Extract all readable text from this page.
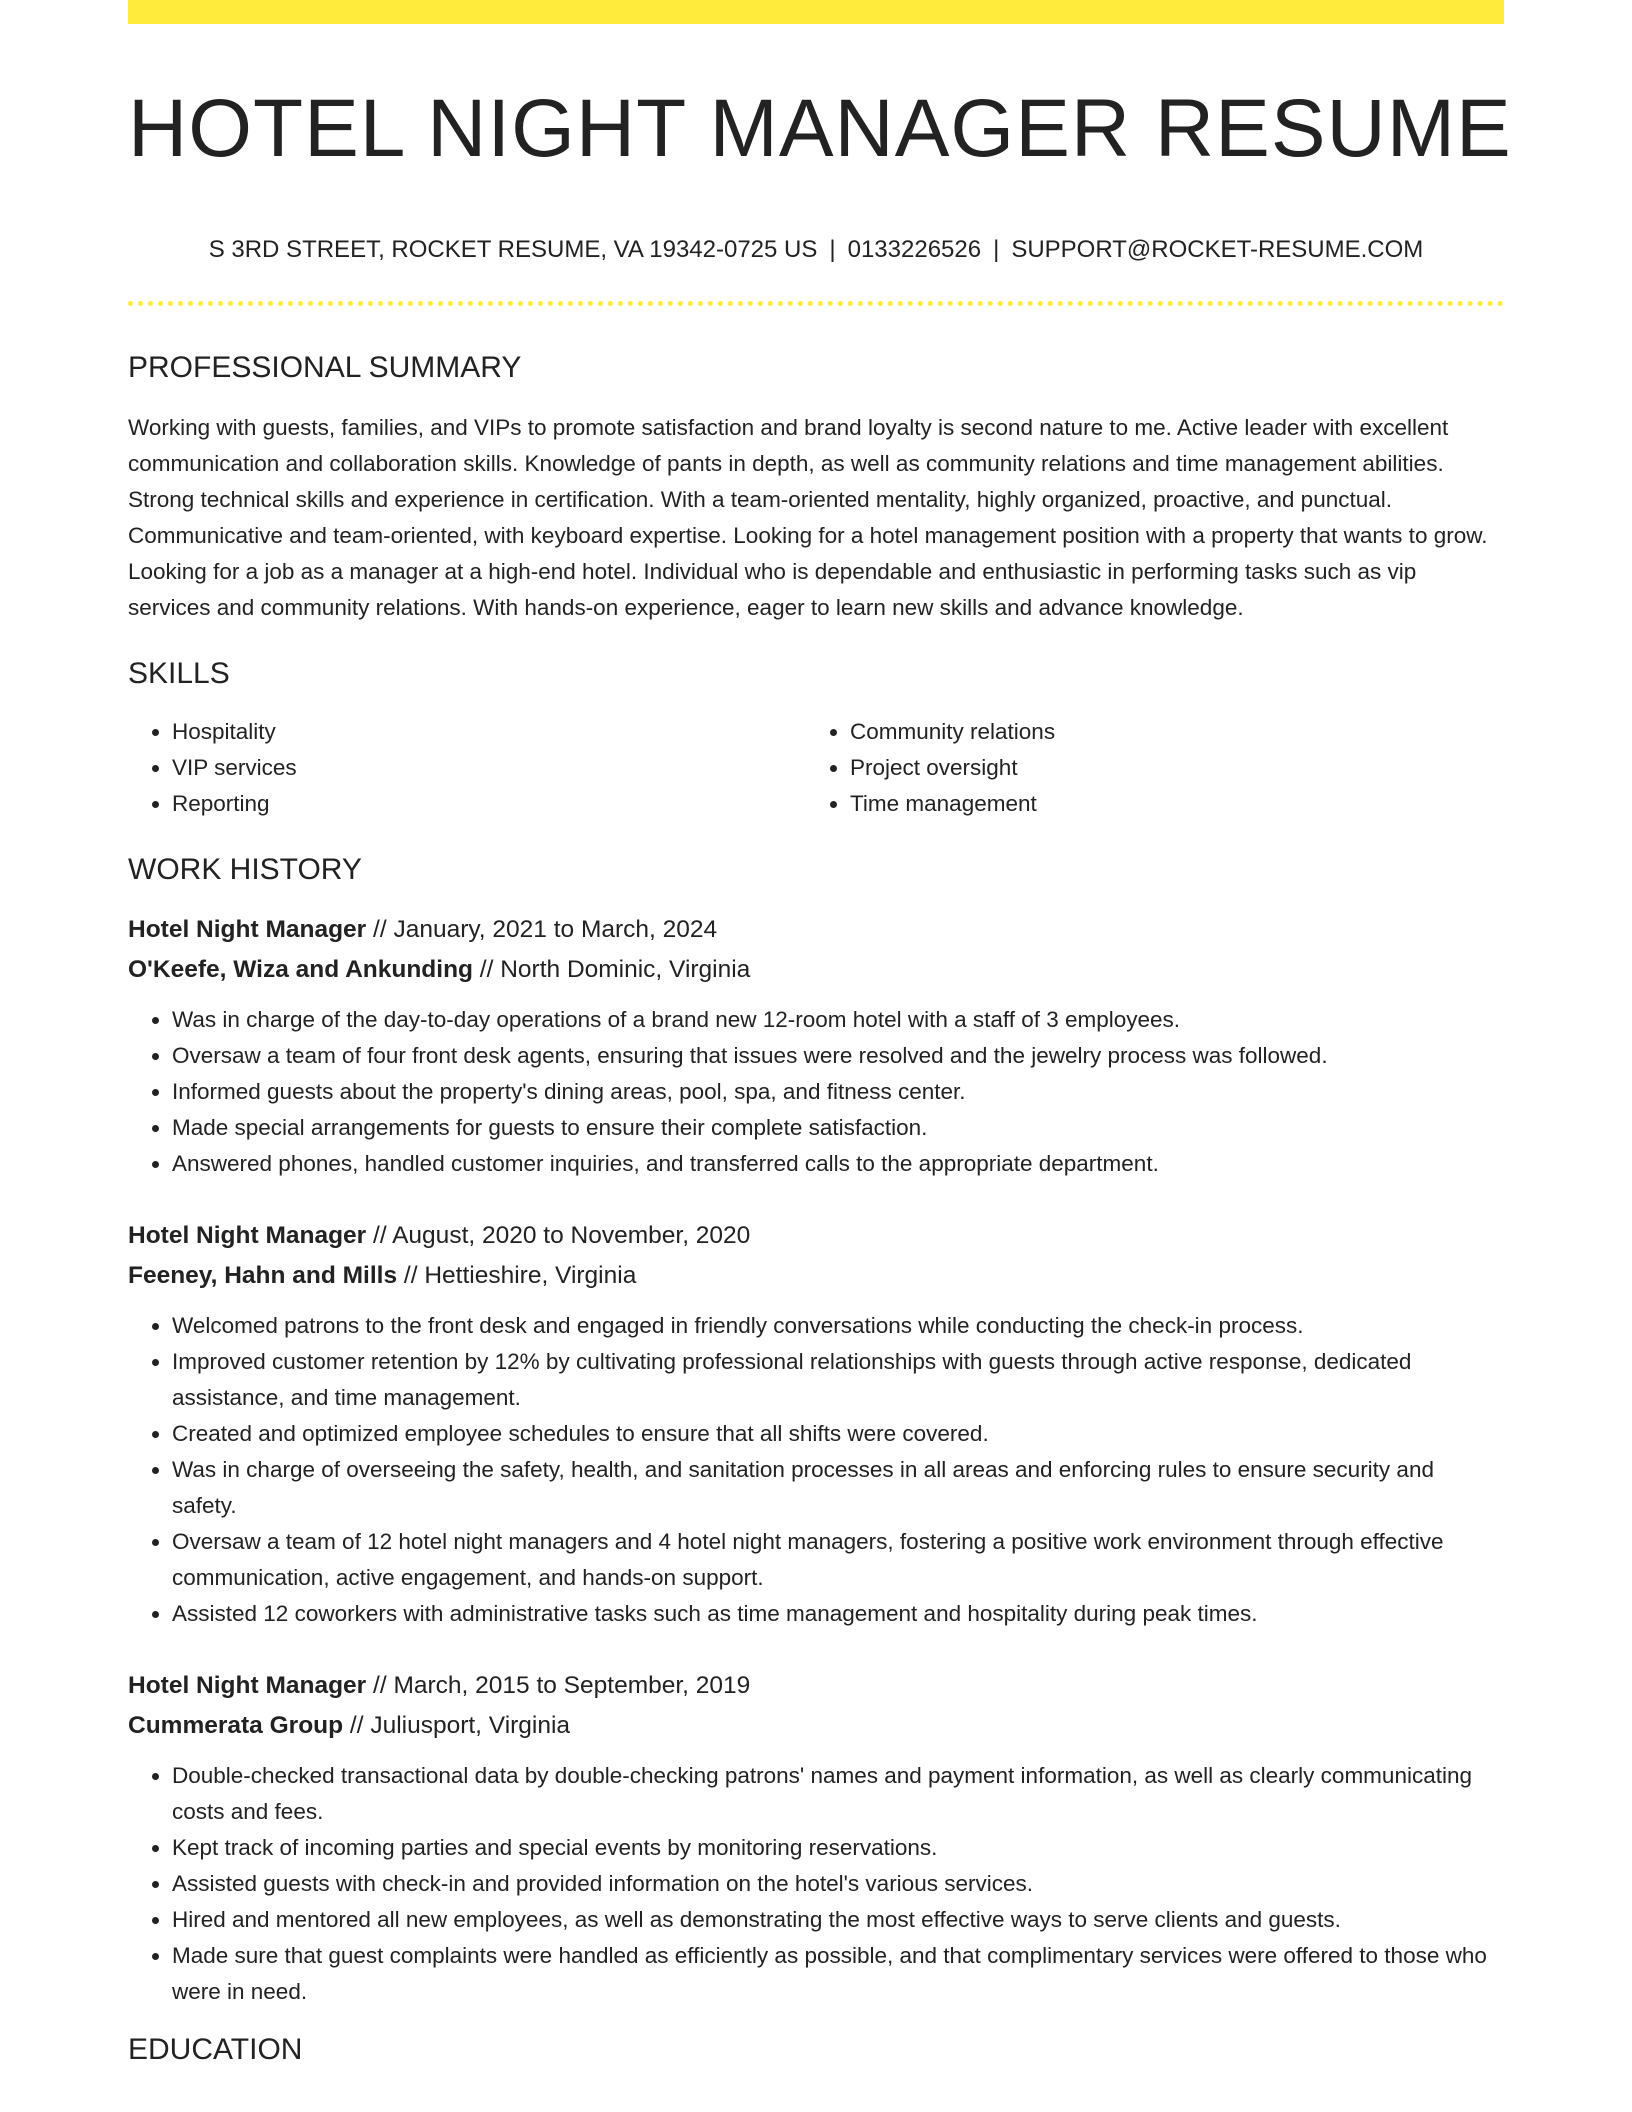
HOTEL NIGHT MANAGER RESUME
S 3RD STREET, ROCKET RESUME, VA 19342-0725 US | 0133226526 | SUPPORT@ROCKET-RESUME.COM
PROFESSIONAL SUMMARY

Working with guests, families, and VIPs to promote satisfaction and brand loyalty is second nature to me. Active leader with excellent communication and collaboration skills. Knowledge of pants in depth, as well as community relations and time management abilities. Strong technical skills and experience in certification. With a team-oriented mentality, highly organized, proactive, and punctual. Communicative and team-oriented, with keyboard expertise. Looking for a hotel management position with a property that wants to grow. Looking for a job as a manager at a high-end hotel. Individual who is dependable and enthusiastic in performing tasks such as vip services and community relations. With hands-on experience, eager to learn new skills and advance knowledge.

SKILLS
• Hospitality
• VIP services
• Reporting
• Community relations
• Project oversight
• Time management
WORK HISTORY
Hotel Night Manager // January, 2021 to March, 2024
O'Keefe, Wiza and Ankunding // North Dominic, Virginia
• Was in charge of the day-to-day operations of a brand new 12-room hotel with a staff of 3 employees.
• Oversaw a team of four front desk agents, ensuring that issues were resolved and the jewelry process was followed.
• Informed guests about the property's dining areas, pool, spa, and fitness center.
• Made special arrangements for guests to ensure their complete satisfaction.
• Answered phones, handled customer inquiries, and transferred calls to the appropriate department.
Hotel Night Manager // August, 2020 to November, 2020
Feeney, Hahn and Mills // Hettieshire, Virginia
• Welcomed patrons to the front desk and engaged in friendly conversations while conducting the check-in process.
• Improved customer retention by 12% by cultivating professional relationships with guests through active response, dedicated assistance, and time management.
• Created and optimized employee schedules to ensure that all shifts were covered.
• Was in charge of overseeing the safety, health, and sanitation processes in all areas and enforcing rules to ensure security and safety.
• Oversaw a team of 12 hotel night managers and 4 hotel night managers, fostering a positive work environment through effective communication, active engagement, and hands-on support.
• Assisted 12 coworkers with administrative tasks such as time management and hospitality during peak times.
Hotel Night Manager // March, 2015 to September, 2019
Cummerata Group // Juliusport, Virginia
• Double-checked transactional data by double-checking patrons' names and payment information, as well as clearly communicating costs and fees.
• Kept track of incoming parties and special events by monitoring reservations.
• Assisted guests with check-in and provided information on the hotel's various services.
• Hired and mentored all new employees, as well as demonstrating the most effective ways to serve clients and guests.
• Made sure that guest complaints were handled as efficiently as possible, and that complimentary services were offered to those who were in need.
EDUCATION
